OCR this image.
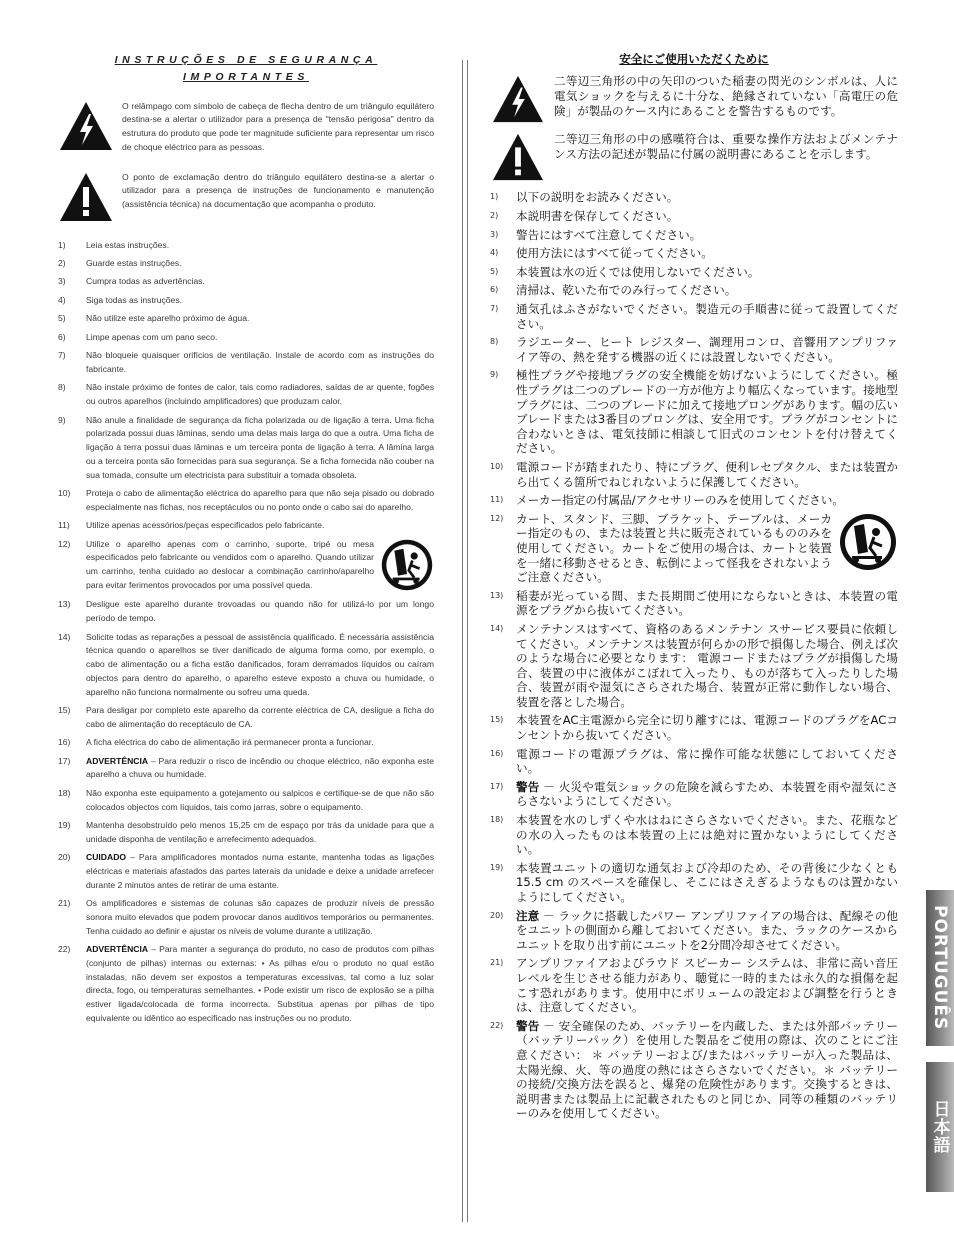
INSTRUÇÕES DE SEGURANÇA IMPORTANTES
O relâmpago com símbolo de cabeça de flecha dentro de um triângulo equilátero destina-se a alertar o utilizador para a presença de "tensão perigosa" dentro da estrutura do produto que pode ter magnitude suficiente para representar um risco de choque eléctrico para as pessoas.
O ponto de exclamação dentro do triângulo equilátero destina-se a alertar o utilizador para a presença de instruções de funcionamento e manutenção (assistência técnica) na documentação que acompanha o produto.
1)	Leia estas instruções.
2)	Guarde estas instruções.
3)	Cumpra todas as advertências.
4)	Siga todas as instruções.
5)	Não utilize este aparelho próximo de água.
6)	Limpe apenas com um pano seco.
7)	Não bloqueie quaisquer orifícios de ventilação. Instale de acordo com as instruções do fabricante.
8)	Não instale próximo de fontes de calor, tais como radiadores, saídas de ar quente, fogões ou outros aparelhos (incluindo amplificadores) que produzam calor.
9)	Não anule a finalidade de segurança da ficha polarizada ou de ligação à terra. Uma ficha polarizada possui duas lâminas, sendo uma delas mais larga do que a outra. Uma ficha de ligação à terra possui duas lâminas e um terceira ponta de ligação à terra. A lâmina larga ou a terceira ponta são fornecidas para sua segurança. Se a ficha fornecida não couber na sua tomada, consulte um electricista para substituir a tomada obsoleta.
10)	Proteja o cabo de alimentação eléctrica do aparelho para que não seja pisado ou dobrado especialmente nas fichas, nos receptáculos ou no ponto onde o cabo sai do aparelho.
11)	Utilize apenas acessórios/peças especificados pelo fabricante.
12)	Utilize o aparelho apenas com o carrinho, suporte, tripé ou mesa especificados pelo fabricante ou vendidos com o aparelho. Quando utilizar um carrinho, tenha cuidado ao deslocar a combinação carrinho/aparelho para evitar ferimentos provocados por uma possível queda.
13)	Desligue este aparelho durante trovoadas ou quando não for utilizá-lo por um longo período de tempo.
14)	Solicite todas as reparações a pessoal de assistência qualificado. É necessária assistência técnica quando o aparelhos se tiver danificado de alguma forma como, por exemplo, o cabo de alimentação ou a ficha estão danificados, foram derramados líquidos ou caíram objectos para dentro do aparelho, o aparelho esteve exposto a chuva ou humidade, o aparelho não funciona normalmente ou sofreu uma queda.
15)	Para desligar por completo este aparelho da corrente eléctrica de CA, desligue a ficha do cabo de alimentação do receptáculo de CA.
16)	A ficha eléctrica do cabo de alimentação irá permanecer pronta a funcionar.
17)	ADVERTÊNCIA – Para reduzir o risco de incêndio ou choque eléctrico, não exponha este aparelho a chuva ou humidade.
18)	Não exponha este equipamento a gotejamento ou salpicos e certifique-se de que não são colocados objectos com líquidos, tais como jarras, sobre o equipamento.
19)	Mantenha desobstruído pelo menos 15,25 cm de espaço por trás da unidade para que a unidade disponha de ventilação e arrefecimento adequados.
20)	CUIDADO – Para amplificadores montados numa estante, mantenha todas as ligações eléctricas e materiais afastados das partes laterais da unidade e deixe a unidade arrefecer durante 2 minutos antes de retirar de uma estante.
21)	Os amplificadores e sistemas de colunas são capazes de produzir níveis de pressão sonora muito elevados que podem provocar danos auditivos temporários ou permanentes. Tenha cuidado ao definir e ajustar os níveis de volume durante a utilização.
22)	ADVERTÊNCIA – Para manter a segurança do produto, no caso de produtos com pilhas (conjunto de pilhas) internas ou externas: • As pilhas e/ou o produto no qual estão instaladas, não devem ser expostos a temperaturas excessivas, tal como a luz solar directa, fogo, ou temperaturas semelhantes. • Pode existir um risco de explosão se a pilha estiver ligada/colocada de forma incorrecta. Substitua apenas por pilhas de tipo equivalente ou idêntico ao especificado nas instruções ou no produto.
安全にご使用いただくために
二等辺三角形の中の矢印のついた稲妻の閃光のシンボルは、人に電気ショックを与えるに十分な、絶縁されていない「高電圧の危険」が製品のケース内にあることを警告するものです。
二等辺三角形の中の感嘆符合は、重要な操作方法およびメンテナンス方法の記述が製品に付属の説明書にあることを示します。
1)	以下の説明をお読みください。
2)	本説明書を保存してください。
3)	警告にはすべて注意してください。
4)	使用方法にはすべて従ってください。
5)	本装置は水の近くでは使用しないでください。
6)	清掃は、乾いた布でのみ行ってください。
7)	通気孔はふさがないでください。製造元の手順書に従って設置してください。
8)	ラジエーター、ヒート レジスター、調理用コンロ、音響用アンプリファイア等の、熱を発する機器の近くには設置しないでください。
9)	極性プラグや接地プラグの安全機能を妨げないようにしてください。極性プラグは二つのブレードの一方が他方より幅広くなっています。接地型プラグには、二つのブレードに加えて接地プロングがあります。幅の広いブレードまたは3番目のプロングは、安全用です。プラグがコンセントに合わないときは、電気技師に相談して旧式のコンセントを付け替えてください。
10)	電源コードが踏まれたり、特にプラグ、便利レセプタクル、または装置から出てくる箇所でねじれないように保護してください。
11)	メーカー指定の付属品/アクセサリーのみを使用してください。
12)	カート、スタンド、三脚、ブラケット、テーブルは、メーカー指定のもの、または装置と共に販売されているもののみを使用してください。カートをご使用の場合は、カートと装置を一緒に移動させるとき、転倒によって怪我をされないようご注意ください。
13)	稲妻が光っている間、また長期間ご使用にならないときは、本装置の電源をプラグから抜いてください。
14)	メンテナンスはすべて、資格のあるメンテナン スサービス要員に依頼してください。メンテナンスは装置が何らかの形で損傷した場合、例えば次のような場合に必要となります： 電源コードまたはプラグが損傷した場合、装置の中に液体がこぼれて入ったり、ものが落ちて入ったりした場合、装置が雨や湿気にさらされた場合、装置が正常に動作しない場合、装置を落とした場合。
15)	本装置をAC主電源から完全に切り離すには、電源コードのプラグをACコンセントから抜いてください。
16)	電源コードの電源プラグは、常に操作可能な状態にしておいてください。
17)	警告 － 火災や電気ショックの危険を減らすため、本装置を雨や湿気にさらさないようにしてください。
18)	本装置を水のしずくや水はねにさらさないでください。また、花瓶などの水の入ったものは本装置の上には絶対に置かないようにしてください。
19)	本装置ユニットの適切な通気および冷却のため、その背後に少なくとも 15.5 cm のスペースを確保し、そこにはさえぎるようなものは置かないようにしてください。
20)	注意 － ラックに搭載したパワー アンプリファイアの場合は、配線その他をユニットの側面から離しておいてください。また、ラックのケースからユニットを取り出す前にユニットを2分間冷却させてください。
21)	アンプリファイアおよびラウド スピーカー システムは、非常に高い音圧レベルを生じさせる能力があり、聴覚に一時的または永久的な損傷を起こす恐れがあります。使用中にボリュームの設定および調整を行うときは、注意してください。
22)	警告 － 安全確保のため、バッテリーを内蔵した、または外部バッテリー（バッテリーパック）を使用した製品をご使用の際は、次のことにご注意ください： ＊ バッテリーおよび/またはバッテリーが入った製品は、太陽光線、火、等の過度の熱にはさらさないでください。＊ バッテリーの接続/交換方法を誤ると、爆発の危険性があります。交換するときは、説明書または製品上に記載されたものと同じか、同等の種類のバッテリーのみを使用してください。
PORTUGUÊS
日本語
